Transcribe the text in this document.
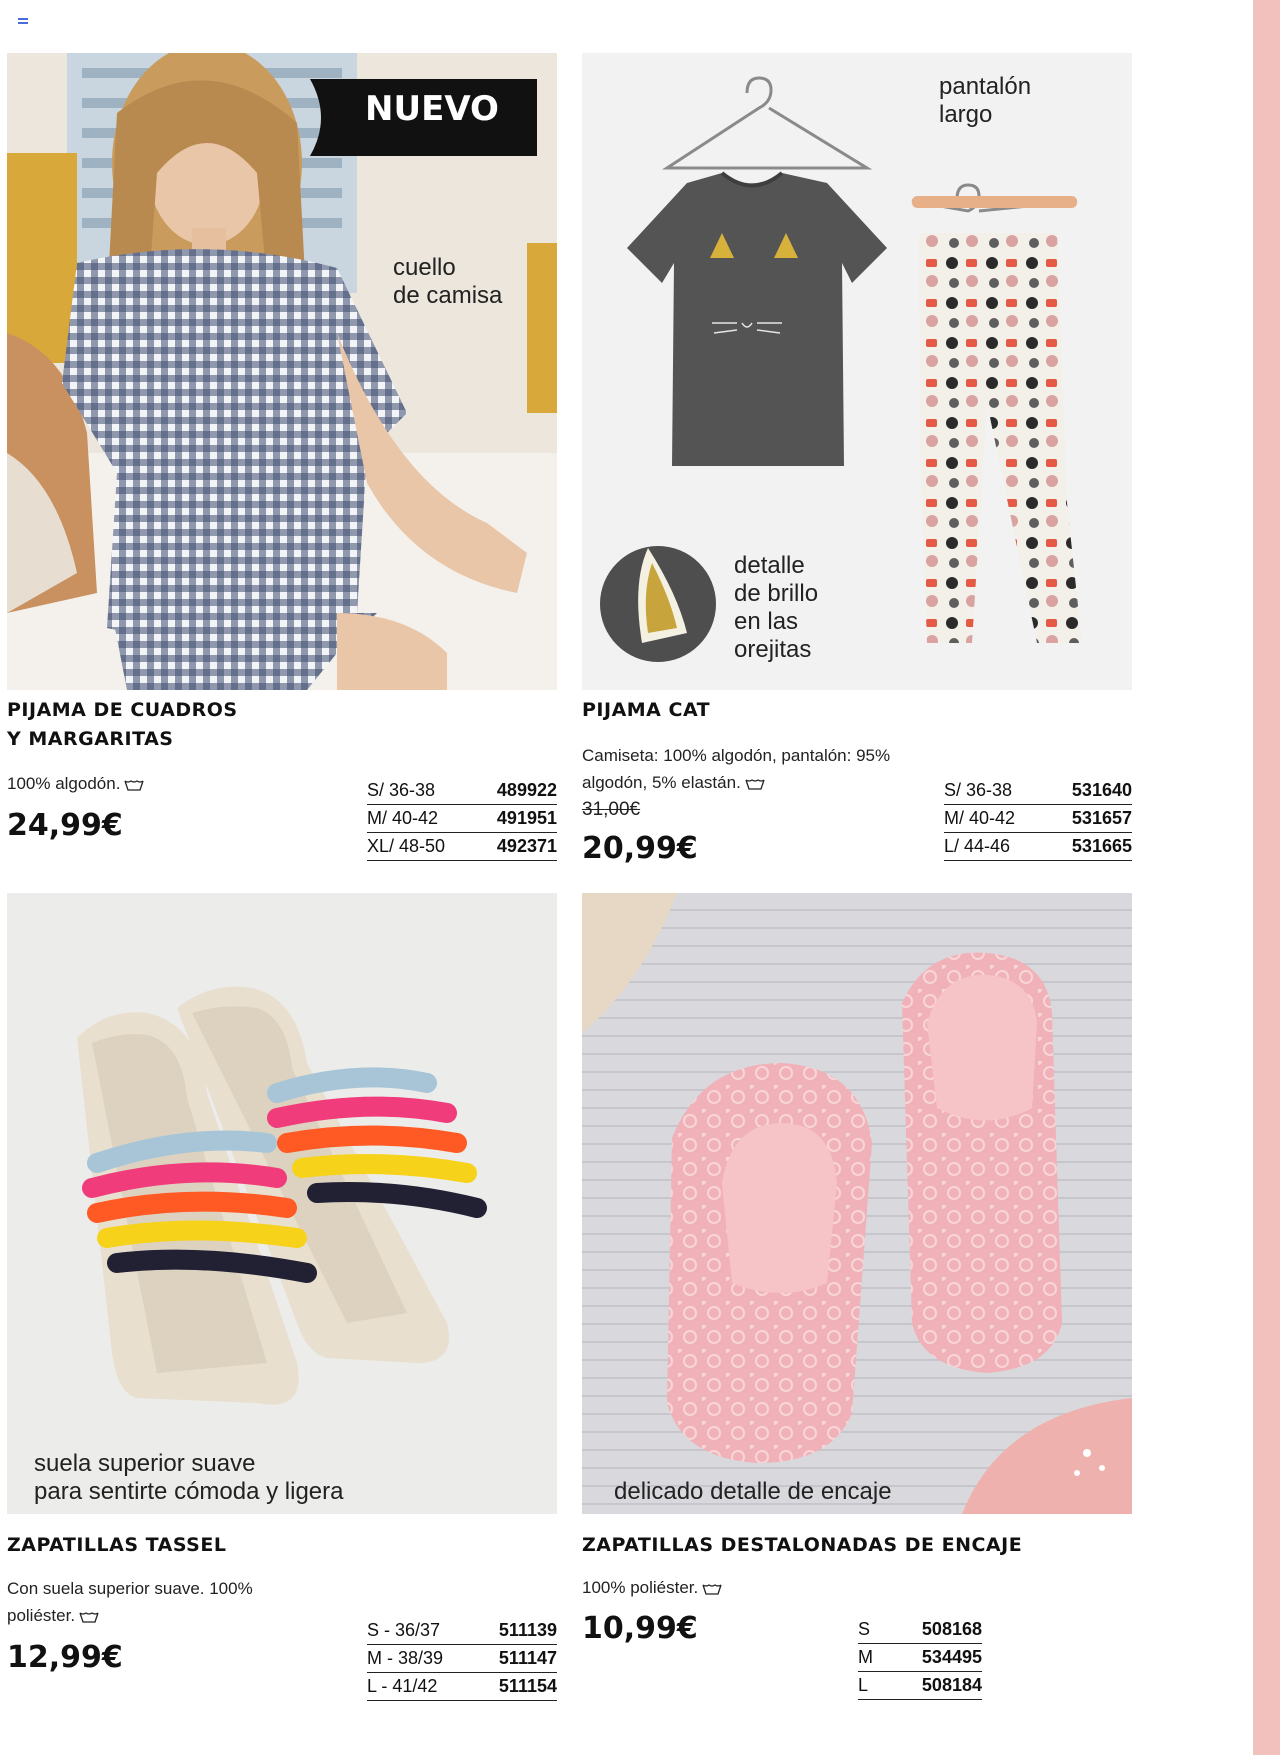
NUEVO
cuello
de camisa
PIJAMA DE CUADROS
Y MARGARITAS
100% algodón.
24,99€
S/ 36-38	489922
M/ 40-42	491951
XL/ 48-50	492371
pantalón
largo
detalle
de brillo
en las
orejitas
PIJAMA CAT
Camiseta: 100% algodón, pantalón: 95% algodón, 5% elastán.
31,00€
20,99€
S/ 36-38	531640
M/ 40-42	531657
L/ 44-46	531665
suela superior suave
para sentirte cómoda y ligera
ZAPATILLAS TASSEL
Con suela superior suave. 100% poliéster.
12,99€
S - 36/37	511139
M - 38/39	511147
L - 41/42	511154
delicado detalle de encaje
ZAPATILLAS DESTALONADAS DE ENCAJE
100% poliéster.
10,99€	S	508168
M	534495
L	508184
